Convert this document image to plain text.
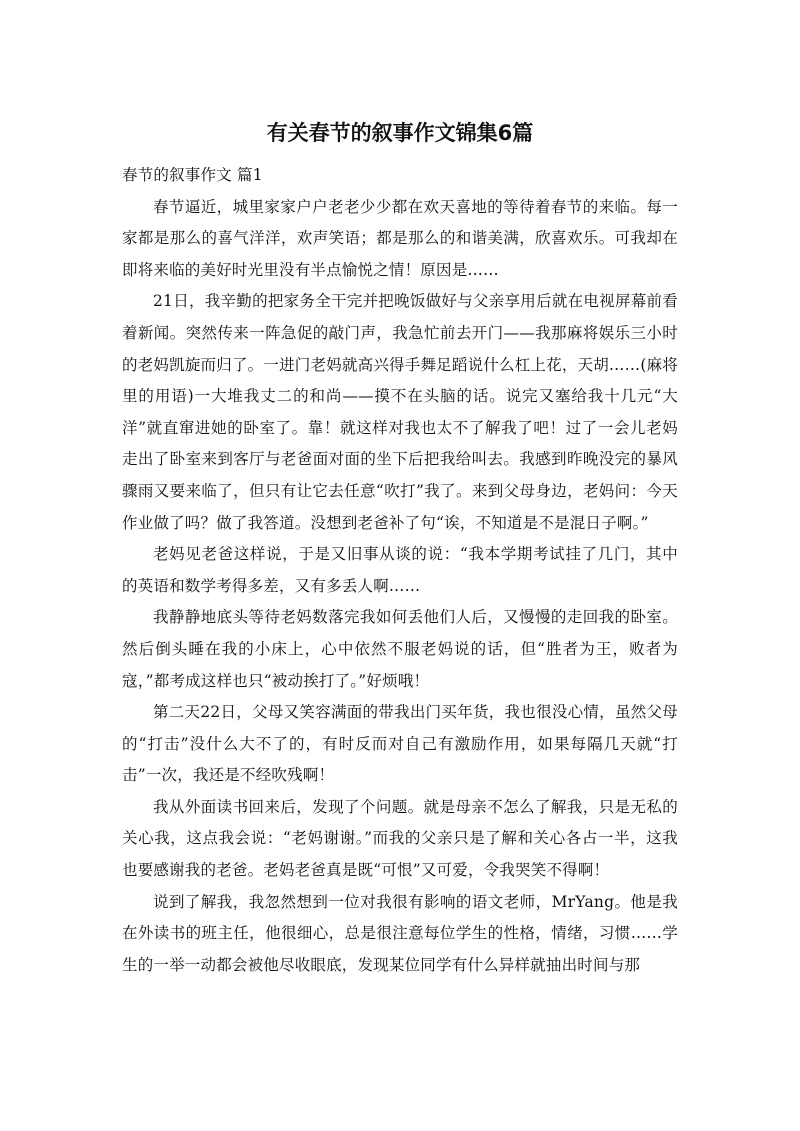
有关春节的叙事作文锦集6篇

春节的叙事作文 篇1

春节逼近，城里家家户户老老少少都在欢天喜地的等待着春节的来临。每一家都是那么的喜气洋洋，欢声笑语；都是那么的和谐美满，欣喜欢乐。可我却在即将来临的美好时光里没有半点愉悦之情！原因是……

21日，我辛勤的把家务全干完并把晚饭做好与父亲享用后就在电视屏幕前看着新闻。突然传来一阵急促的敲门声，我急忙前去开门——我那麻将娱乐三小时的老妈凯旋而归了。一进门老妈就高兴得手舞足蹈说什么杠上花，天胡……(麻将里的用语)一大堆我丈二的和尚——摸不在头脑的话。说完又塞给我十几元“大洋”就直窜进她的卧室了。靠！就这样对我也太不了解我了吧！过了一会儿老妈走出了卧室来到客厅与老爸面对面的坐下后把我给叫去。我感到昨晚没完的暴风骤雨又要来临了，但只有让它去任意“吹打”我了。来到父母身边，老妈问：今天作业做了吗？做了我答道。没想到老爸补了句“诶，不知道是不是混日子啊。”

老妈见老爸这样说，于是又旧事从谈的说：“我本学期考试挂了几门，其中的英语和数学考得多差，又有多丢人啊……

我静静地底头等待老妈数落完我如何丢他们人后，又慢慢的走回我的卧室。然后倒头睡在我的小床上，心中依然不服老妈说的话，但“胜者为王，败者为寇，”都考成这样也只“被动挨打了。”好烦哦！

第二天22日，父母又笑容满面的带我出门买年货，我也很没心情，虽然父母的“打击”没什么大不了的，有时反而对自己有激励作用，如果每隔几天就“打击”一次，我还是不经吹残啊！

我从外面读书回来后，发现了个问题。就是母亲不怎么了解我，只是无私的关心我，这点我会说：“老妈谢谢。”而我的父亲只是了解和关心各占一半，这我也要感谢我的老爸。老妈老爸真是既“可恨”又可爱，令我哭笑不得啊！

说到了解我，我忽然想到一位对我很有影响的语文老师，MrYang。他是我在外读书的班主任，他很细心，总是很注意每位学生的性格，情绪，习惯……学生的一举一动都会被他尽收眼底，发现某位同学有什么异样就抽出时间与那
